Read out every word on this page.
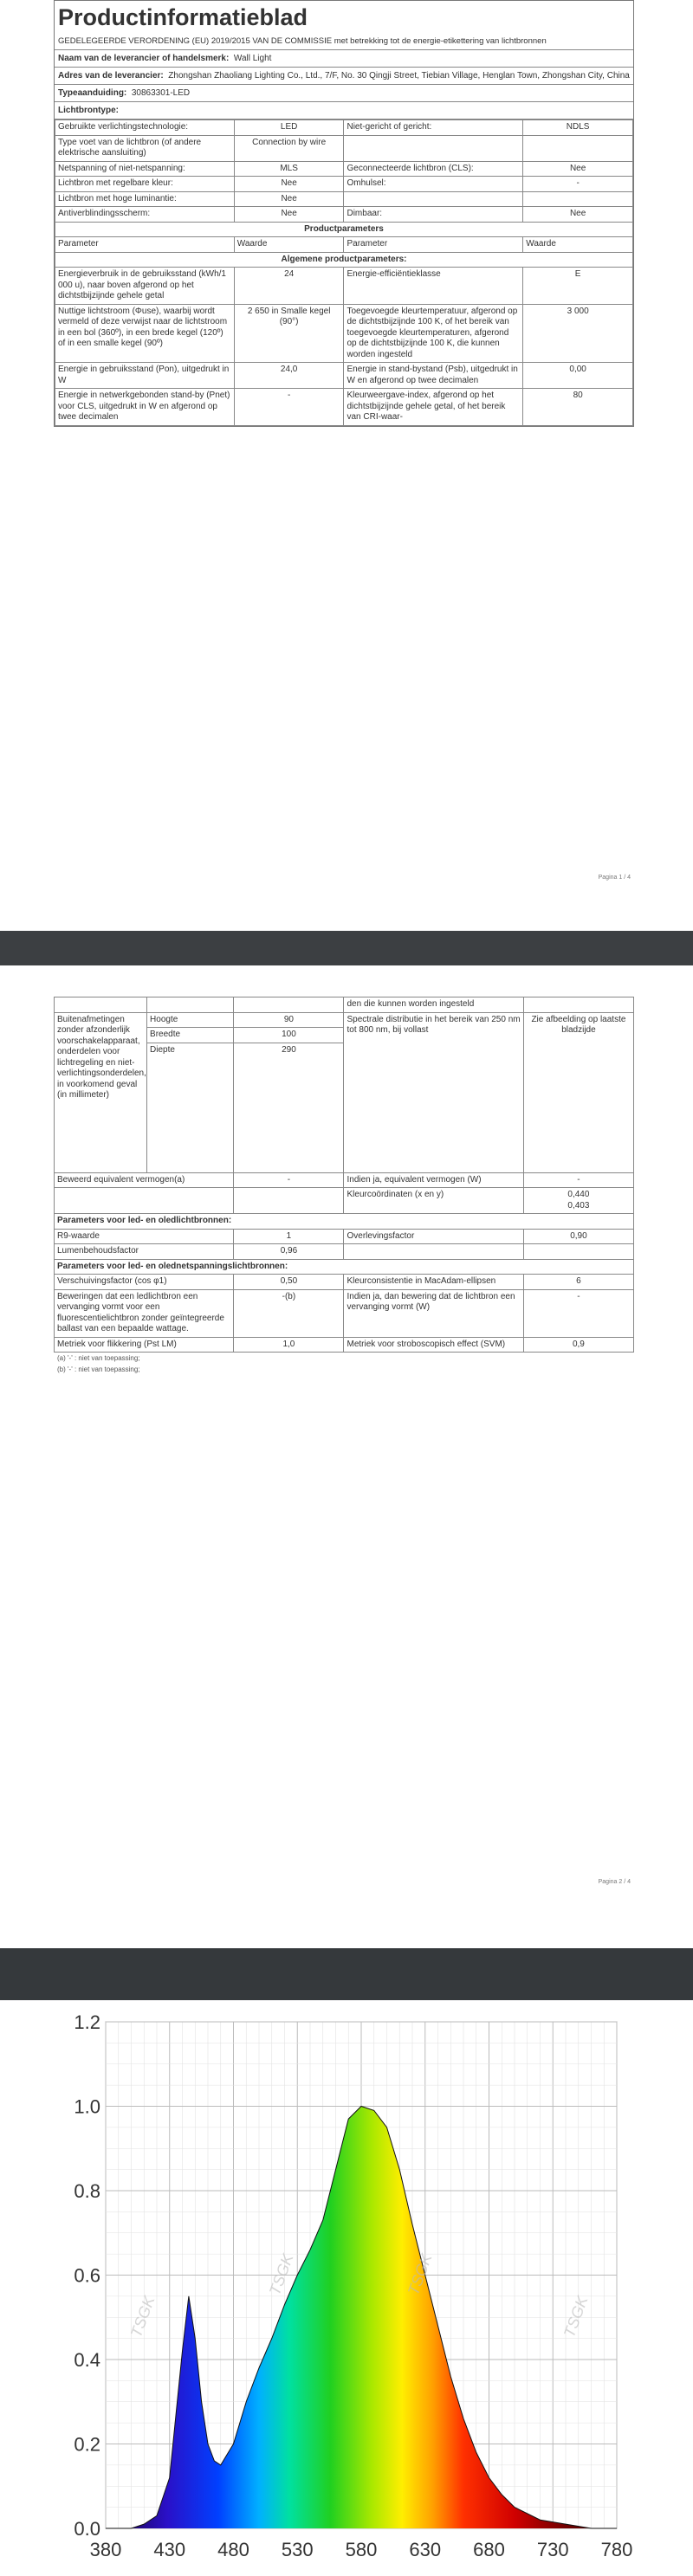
Productinformatieblad
GEDELEGEERDE VERORDENING (EU) 2019/2015 VAN DE COMMISSIE met betrekking tot de energie-etikettering van lichtbronnen
Naam van de leverancier of handelsmerk: Wall Light
Adres van de leverancier: Zhongshan Zhaoliang Lighting Co., Ltd., 7/F, No. 30 Qingji Street, Tiebian Village, Henglan Town, Zhongshan City, China
Typeaanduiding: 30863301-LED
Lichtbrontype:
Gebruikte verlichtingstechnologie:	LED	Niet-gericht of gericht:	NDLS
Type voet van de lichtbron (of andere elektrische aansluiting)	Connection by wire		
Netspanning of niet-netspanning:	MLS	Geconnecteerde lichtbron (CLS):	Nee
Lichtbron met regelbare kleur:	Nee	Omhulsel:	-
Lichtbron met hoge luminantie:	Nee		
Antiverblindingsscherm:	Nee	Dimbaar:	Nee
Productparameters			
Parameter	Waarde	Parameter	Waarde
Algemene productparameters:			
Energieverbruik in de gebruiksstand (kWh/1 000 u), naar boven afgerond op het dichtstbijzijnde gehele getal	24	Energie-efficiëntieklasse	E
Nuttige lichtstroom (Φuse), waarbij wordt vermeld of deze verwijst naar de lichtstroom in een bol (360º), in een brede kegel (120º) of in een smalle kegel (90º)	2 650 in Smalle kegel (90°)	Toegevoegde kleurtemperatuur, afgerond op de dichtstbijzijnde 100 K, of het bereik van toegevoegde kleurtemperaturen, afgerond op de dichtstbijzijnde 100 K, die kunnen worden ingesteld	3 000
Energie in gebruiksstand (Pon), uitgedrukt in W	24,0	Energie in stand-bystand (Psb), uitgedrukt in W en afgerond op twee decimalen	0,00
Energie in netwerkgebonden stand-by (Pnet) voor CLS, uitgedrukt in W en afgerond op twee decimalen	-	Kleurweergave-index, afgerond op het dichtstbijzijnde gehele getal, of het bereik van CRI-waar-	80
Pagina 1 / 4
			den die kunnen worden ingesteld	
Buitenafmetingen zonder afzonderlijk voorschakelapparaat, onderdelen voor lichtregeling en niet-verlichtingsonderdelen, in voorkomend geval (in millimeter)	Hoogte	90	Spectrale distributie in het bereik van 250 nm tot 800 nm, bij vollast	Zie afbeelding op laatste bladzijde
	Breedte	100		
	Diepte	290		
Beweerd equivalent vermogen(a)		-	Indien ja, equivalent vermogen (W)	-
			Kleurcoördinaten (x en y)	0,440
0,403
Parameters voor led- en oledlichtbronnen:				
R9-waarde		1	Overlevingsfactor	0,90
Lumenbehoudsfactor		0,96		
Parameters voor led- en olednetspanningslichtbronnen:				
Verschuivingsfactor (cos φ1)		0,50	Kleurconsistentie in MacAdam-ellipsen	6
Beweringen dat een ledlichtbron een vervanging vormt voor een fluorescentielichtbron zonder geïntegreerde ballast van een bepaalde wattage.		-(b)	Indien ja, dan bewering dat de lichtbron een vervanging vormt (W)	-
Metriek voor flikkering (Pst LM)		1,0	Metriek voor stroboscopisch effect (SVM)	0,9
(a) '-' : niet van toepassing;
(b) '-' : niet van toepassing;
Pagina 2 / 4
380 430 480 530 580 630 680 730 780
0.0
0.2
0.4
0.6
0.8
1.0
1.2
TSGK
TSGK	TSGK
TSGK
